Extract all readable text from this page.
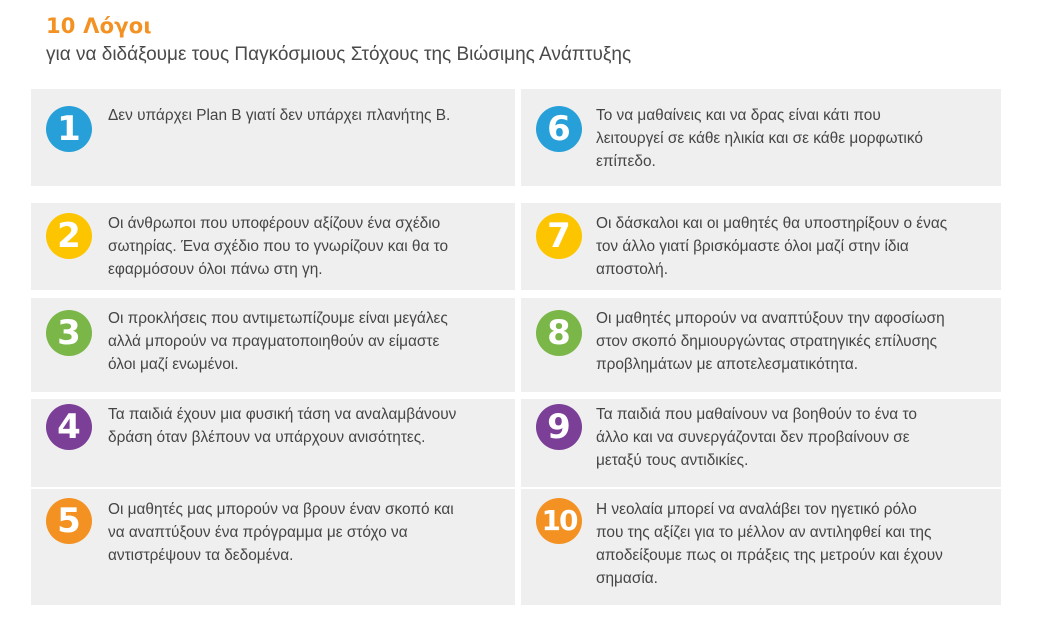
10 Λόγοι
για να διδάξουμε τους Παγκόσμιους Στόχους της Βιώσιμης Ανάπτυξης
1	Δεν υπάρχει Plan B γιατί δεν υπάρχει πλανήτης Β.	6	Το να μαθαίνεις και να δρας είναι κάτι που
λειτουργεί σε κάθε ηλικία και σε κάθε μορφωτικό
επίπεδο.
2	Οι άνθρωποι που υποφέρουν αξίζουν ένα σχέδιο
σωτηρίας. Ένα σχέδιο που το γνωρίζουν και θα το
εφαρμόσουν όλοι πάνω στη γη.
7	Οι δάσκαλοι και οι μαθητές θα υποστηρίξουν ο ένας
τον άλλο γιατί βρισκόμαστε όλοι μαζί στην ίδια
αποστολή.
3	Οι προκλήσεις που αντιμετωπίζουμε είναι μεγάλες
αλλά μπορούν να πραγματοποιηθούν αν είμαστε
όλοι μαζί ενωμένοι.
8	Οι μαθητές μπορούν να αναπτύξουν την αφοσίωση
στον σκοπό δημιουργώντας στρατηγικές επίλυσης
προβλημάτων με αποτελεσματικότητα.
4	Τα παιδιά έχουν μια φυσική τάση να αναλαμβάνουν
δράση όταν βλέπουν να υπάρχουν ανισότητες.	9	Τα παιδιά που μαθαίνουν να βοηθούν το ένα το
άλλο και να συνεργάζονται δεν προβαίνουν σε
μεταξύ τους αντιδικίες.
5	Οι μαθητές μας μπορούν να βρουν έναν σκοπό και
να αναπτύξουν ένα πρόγραμμα με στόχο να
αντιστρέψουν τα δεδομένα.
10	Η νεολαία μπορεί να αναλάβει τον ηγετικό ρόλο
που της αξίζει για το μέλλον αν αντιληφθεί και της
αποδείξουμε πως οι πράξεις της μετρούν και έχουν
σημασία.
